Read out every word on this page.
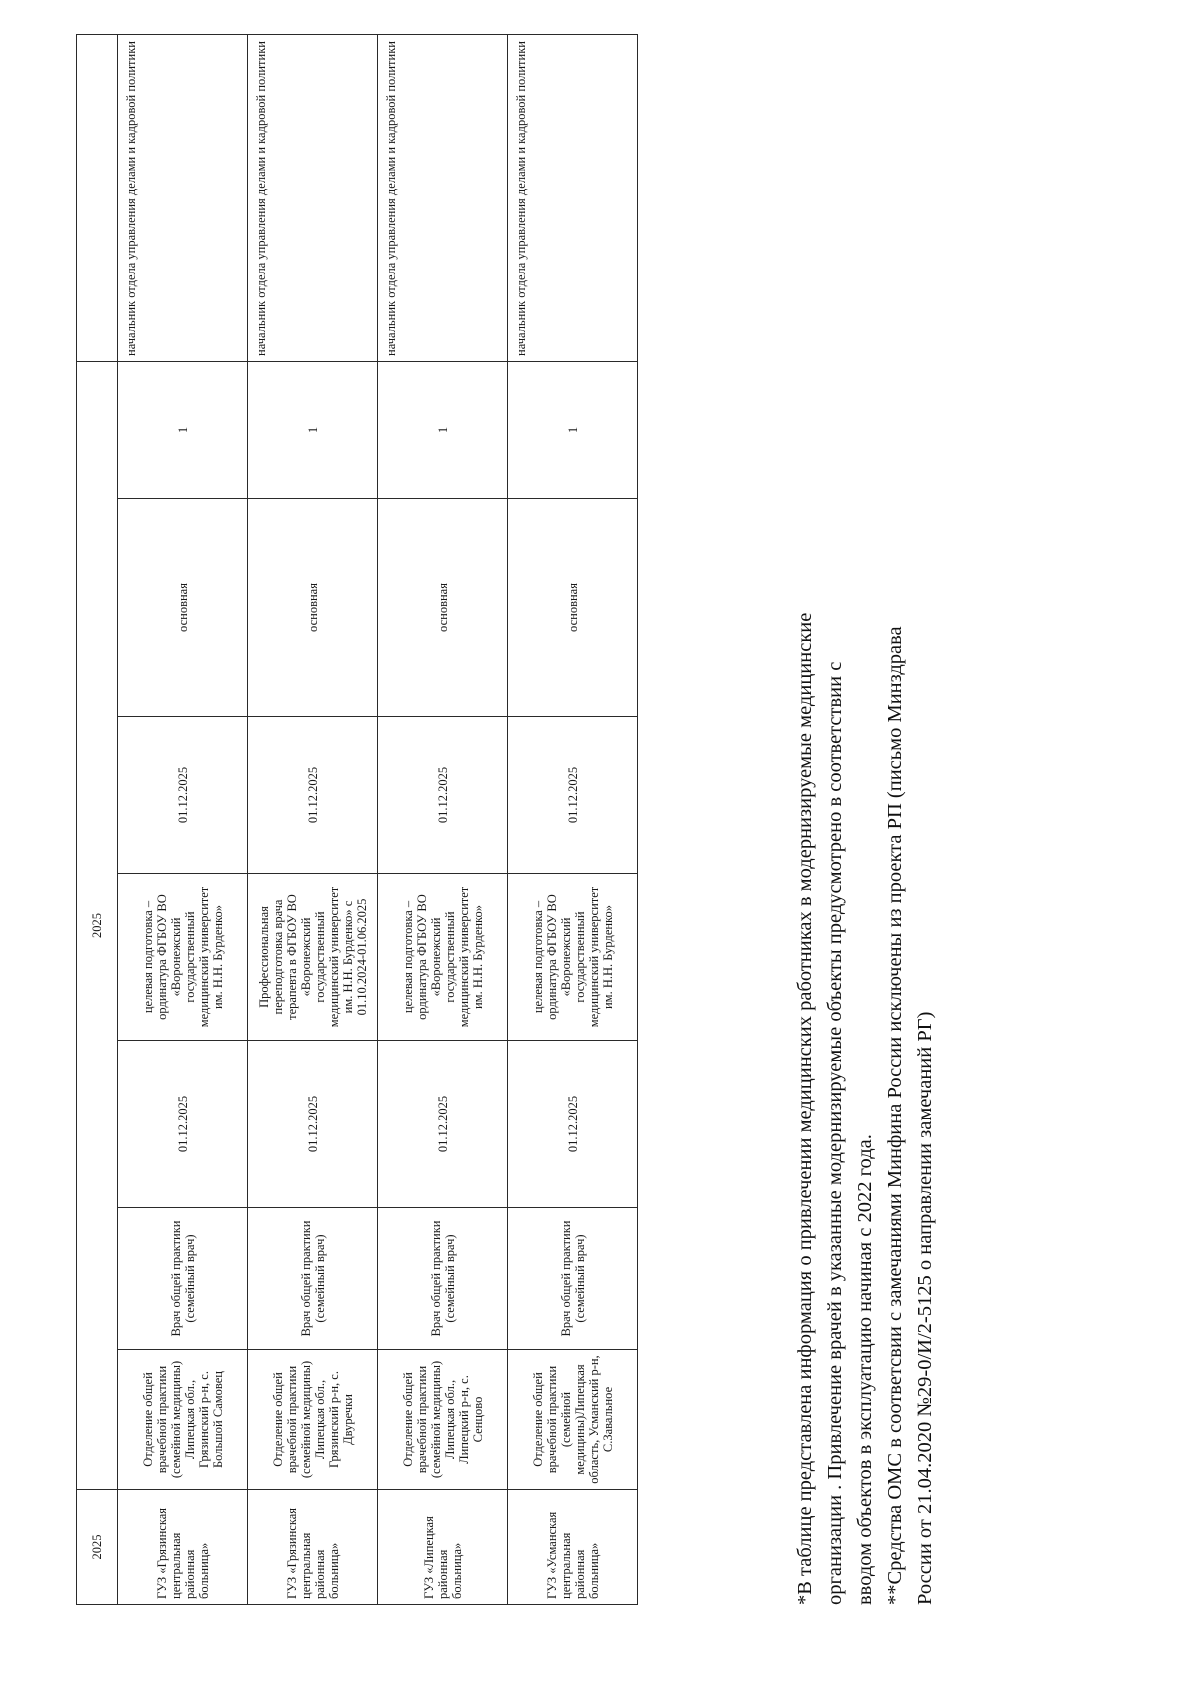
2025	2025							
ГУЗ «Грязинская центральная районная больница»	Отделение общей врачебной практики (семейной медицины) Липецкая обл., Грязинский р-н, с. Большой Самовец	Врач общей практики (семейный врач)	01.12.2025	целевая подготовка – ординатура ФГБОУ ВО «Воронежский государственный медицинский университет им. Н.Н. Бурденко»	01.12.2025	основная	1	начальник отдела управления делами и кадровой политики
ГУЗ «Грязинская центральная районная больница»	Отделение общей врачебной практики (семейной медицины) Липецкая обл., Грязинский р-н, с. Двуречки	Врач общей практики (семейный врач)	01.12.2025	Профессиональная переподготовка врача терапевта в ФГБОУ ВО «Воронежский государственный медицинский университет им. Н.Н. Бурденко» с 01.10.2024-01.06.2025	01.12.2025	основная	1	начальник отдела управления делами и кадровой политики
ГУЗ «Липецкая районная больница»	Отделение общей врачебной практики (семейной медицины) Липецкая обл., Липецкий р-н, с. Сенцово	Врач общей практики (семейный врач)	01.12.2025	целевая подготовка – ординатура ФГБОУ ВО «Воронежский государственный медицинский университет им. Н.Н. Бурденко»	01.12.2025	основная	1	начальник отдела управления делами и кадровой политики
ГУЗ «Усманская центральная районная больница»	Отделение общей врачебной практики (семейной медицины)Липецкая область, Усманский р-н, С.Завальное	Врач общей практики (семейный врач)	01.12.2025	целевая подготовка – ординатура ФГБОУ ВО «Воронежский государственный медицинский университет им. Н.Н. Бурденко»	01.12.2025	основная	1	начальник отдела управления делами и кадровой политики

*В таблице представлена информация о привлечении медицинских работниках в модернизируемые медицинские организации . Привлечение врачей в указанные модернизируемые объекты предусмотрено в соответствии с вводом объектов в эксплуатацию начиная с 2022 года. **Средства ОМС в соответсвии с замечаниями Минфина России исключены из проекта РП (письмо Минздрава России от 21.04.2020 №29-0/И/2-5125 о направлении замечаний РГ)
